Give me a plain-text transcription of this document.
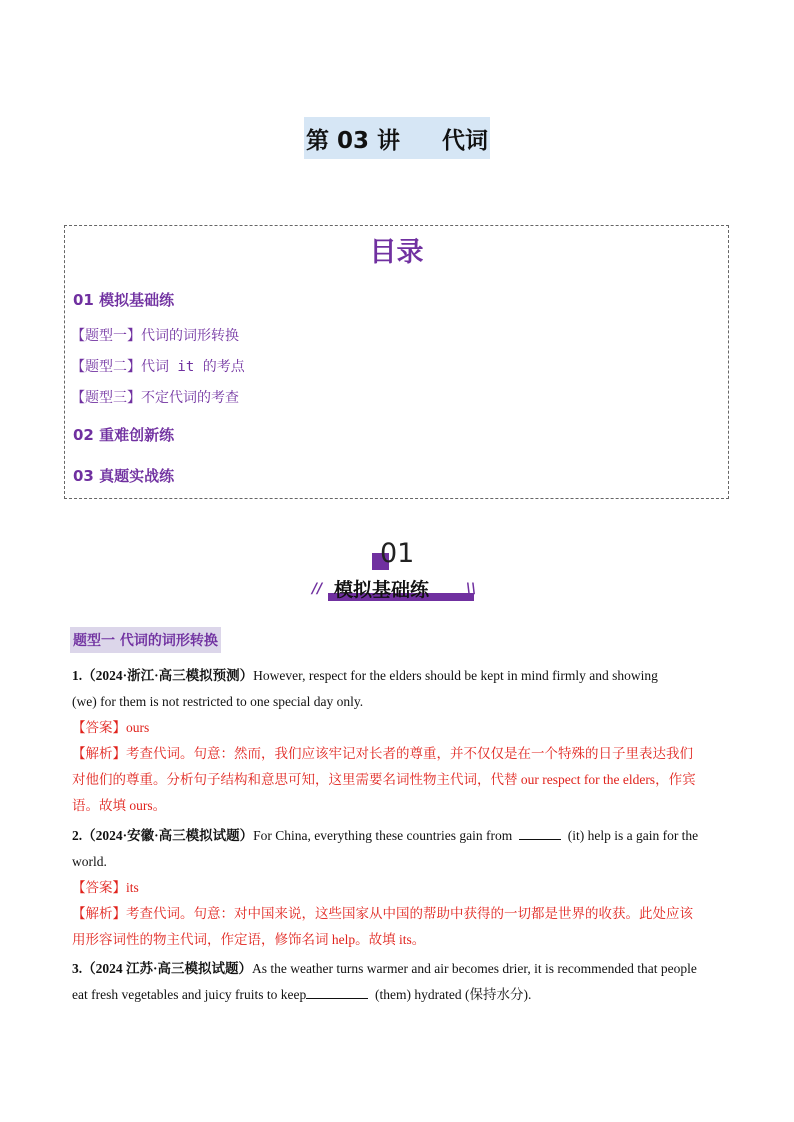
第 03 讲 代词
目录
01 模拟基础练
【题型一】代词的词形转换
【题型二】代词 it 的考点
【题型三】不定代词的考查
02 重难创新练
03 真题实战练
01
//	\\
模拟基础练
题型一 代词的词形转换
1.（2024·浙江·高三模拟预测）However, respect for the elders should be kept in mind firmly and showing
(we) for them is not restricted to one special day only.
【答案】ours
【解析】考查代词。句意：然而，我们应该牢记对长者的尊重，并不仅仅是在一个特殊的日子里表达我们
对他们的尊重。分析句子结构和意思可知，这里需要名词性物主代词，代替 our respect for the elders，作宾
语。故填 ours。
2.（2024·安徽·高三模拟试题）For China, everything these countries gain from	(it) help is a gain for the
world.
【答案】its
【解析】考查代词。句意：对中国来说，这些国家从中国的帮助中获得的一切都是世界的收获。此处应该
用形容词性的物主代词，作定语，修饰名词 help。故填 its。
3.（2024 江苏·高三模拟试题）As the weather turns warmer and air becomes drier, it is recommended that people
eat fresh vegetables and juicy fruits to keep	(them) hydrated (保持水分).
